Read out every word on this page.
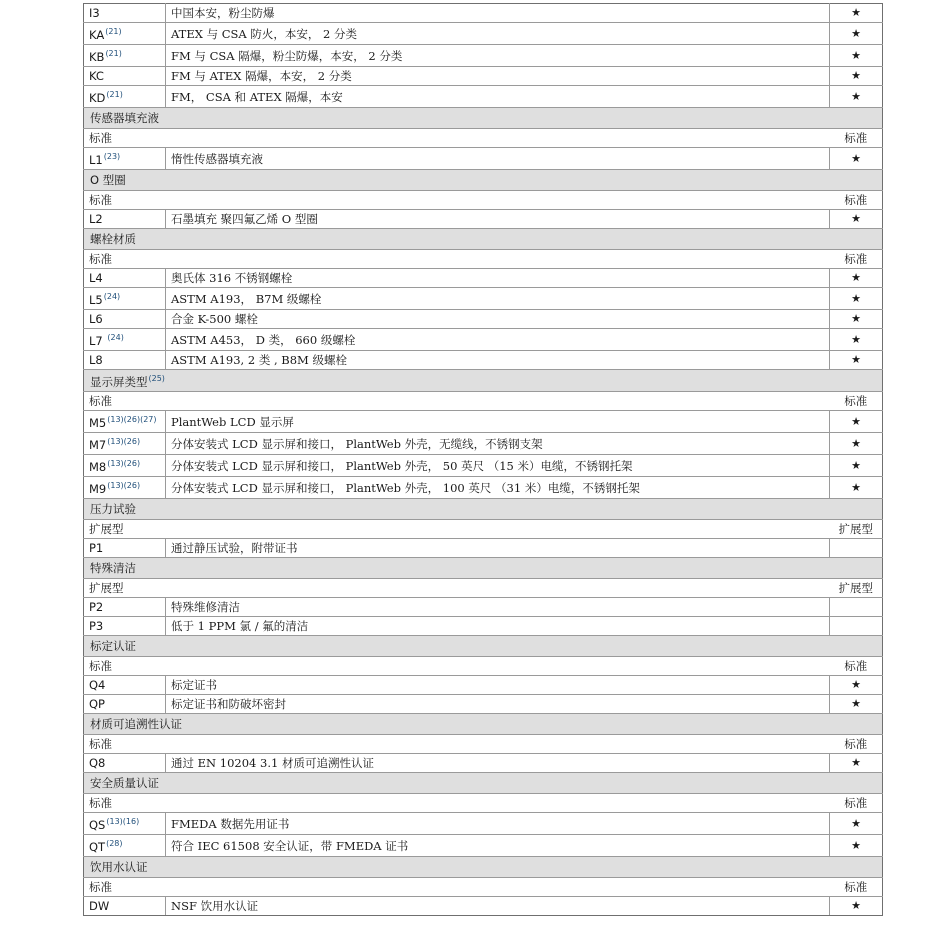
I3	中国本安，粉尘防爆	★
KA$^{(21)}$	ATEX 与 CSA 防火，本安， 2 分类	★
KB$^{(21)}$	FM 与 CSA 隔爆，粉尘防爆，本安， 2 分类	★
KC	FM 与 ATEX 隔爆，本安， 2 分类	★
KD$^{(21)}$	FM， CSA 和 ATEX 隔爆，本安	★
传感器填充液		
标准		标准
L1$^{(23)}$	惰性传感器填充液	★
O 型圈		
标准		标准
L2	石墨填充 聚四氟乙烯 O 型圈	★
螺栓材质		
标准		标准
L4	奥氏体 316 不锈钢螺栓	★
L5$^{(24)}$	ASTM A193， B7M 级螺栓	★
L6	合金 K-500 螺栓	★
L7 $^{(24)}$	ASTM A453， D 类， 660 级螺栓	★
L8	ASTM A193, 2 类 , B8M 级螺栓	★
显示屏类型$^{(25)}$
标准		标准
M5$^{(13)(26)(27)}$	PlantWeb LCD 显示屏	★
M7$^{(13)(26)}$	分体安装式 LCD 显示屏和接口， PlantWeb 外壳，无缆线，不锈钢支架	★
M8$^{(13)(26)}$	分体安装式 LCD 显示屏和接口， PlantWeb 外壳， 50 英尺 （15 米）电缆，不锈钢托架	★
M9$^{(13)(26)}$	分体安装式 LCD 显示屏和接口， PlantWeb 外壳， 100 英尺 （31 米）电缆，不锈钢托架	★
压力试验		
扩展型		扩展型
P1	通过静压试验，附带证书	
特殊清洁		
扩展型		扩展型
P2	特殊维修清洁	
P3	低于 1 PPM 氯 / 氟的清洁	
标定认证		
标准		标准
Q4	标定证书	★
QP	标定证书和防破坏密封	★
材质可追溯性认证		
标准		标准
Q8	通过 EN 10204 3.1 材质可追溯性认证	★
安全质量认证		
标准		标准
QS$^{(13)(16)}$	FMEDA 数据先用证书	★
QT$^{(28)}$	符合 IEC 61508 安全认证，带 FMEDA 证书	★
饮用水认证		
标准		标准
DW	NSF 饮用水认证	★
